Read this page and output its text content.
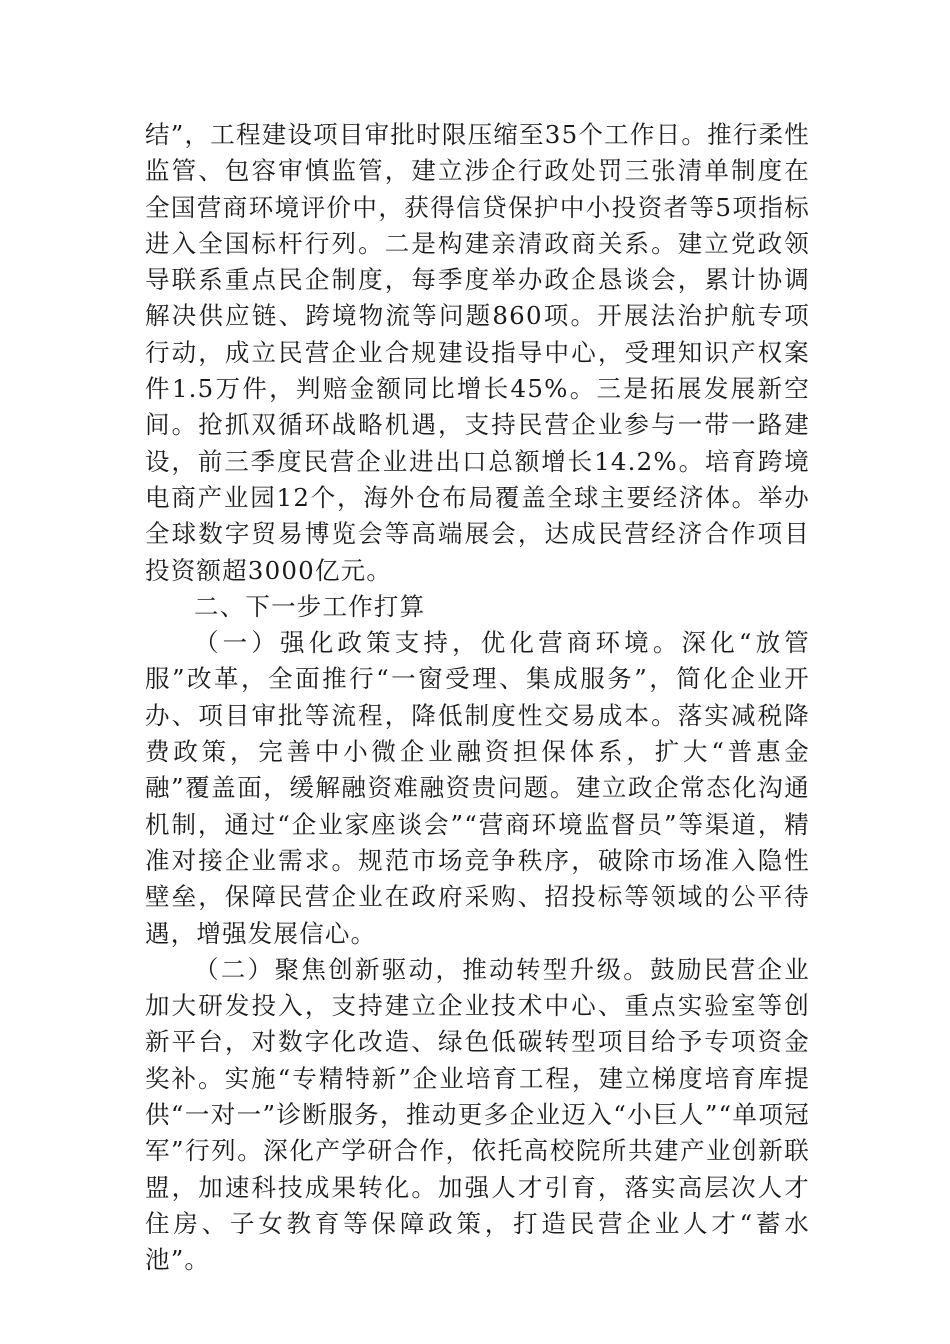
结”，工程建设项目审批时限压缩至35个工作日。推行柔性监管、包容审慎监管，建立涉企行政处罚三张清单制度在全国营商环境评价中，获得信贷保护中小投资者等5项指标进入全国标杆行列。二是构建亲清政商关系。建立党政领导联系重点民企制度，每季度举办政企恳谈会，累计协调解决供应链、跨境物流等问题860项。开展法治护航专项行动，成立民营企业合规建设指导中心，受理知识产权案件1.5万件，判赔金额同比增长45%。三是拓展发展新空间。抢抓双循环战略机遇，支持民营企业参与一带一路建设，前三季度民营企业进出口总额增长14.2%。培育跨境电商产业园12个，海外仓布局覆盖全球主要经济体。举办全球数字贸易博览会等高端展会，达成民营经济合作项目投资额超3000亿元。

二、下一步工作打算

（一）强化政策支持，优化营商环境。深化“放管服”改革，全面推行“一窗受理、集成服务”，简化企业开办、项目审批等流程，降低制度性交易成本。落实减税降费政策，完善中小微企业融资担保体系，扩大“普惠金融”覆盖面，缓解融资难融资贵问题。建立政企常态化沟通机制，通过“企业家座谈会”“营商环境监督员”等渠道，精准对接企业需求。规范市场竞争秩序，破除市场准入隐性壁垒，保障民营企业在政府采购、招投标等领域的公平待遇，增强发展信心。

（二）聚焦创新驱动，推动转型升级。鼓励民营企业加大研发投入，支持建立企业技术中心、重点实验室等创新平台，对数字化改造、绿色低碳转型项目给予专项资金奖补。实施“专精特新”企业培育工程，建立梯度培育库提供“一对一”诊断服务，推动更多企业迈入“小巨人”“单项冠军”行列。深化产学研合作，依托高校院所共建产业创新联盟，加速科技成果转化。加强人才引育，落实高层次人才住房、子女教育等保障政策，打造民营企业人才“蓄水池”。
